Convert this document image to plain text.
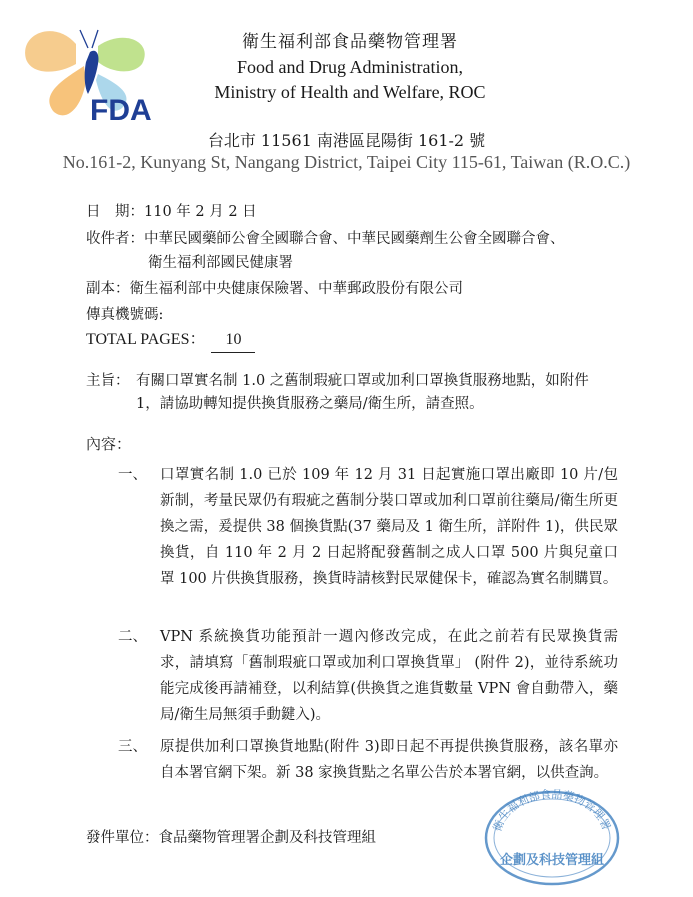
FDA
衛生福利部食品藥物管理署
Food and Drug Administration,
Ministry of Health and Welfare, ROC
台北市 11561 南港區昆陽街 161-2 號
No.161-2, Kunyang St, Nangang District, Taipei City 115-61, Taiwan (R.O.C.)
日　期：110 年 2 月 2 日
收件者：中華民國藥師公會全國聯合會、中華民國藥劑生公會全國聯合會、
衛生福利部國民健康署
副本：衛生福利部中央健康保險署、中華郵政股份有限公司
傳真機號碼:
TOTAL PAGES： 10
主旨： 有關口罩實名制 1.0 之舊制瑕疵口罩或加利口罩換貨服務地點，如附件 1，請協助轉知提供換貨服務之藥局/衛生所，請查照。
內容：
一、 口罩實名制 1.0 已於 109 年 12 月 31 日起實施口罩出廠即 10 片/包新制，考量民眾仍有瑕疵之舊制分裝口罩或加利口罩前往藥局/衛生所更換之需，爰提供 38 個換貨點(37 藥局及 1 衛生所，詳附件 1)，供民眾換貨，自 110 年 2 月 2 日起將配發舊制之成人口罩 500 片與兒童口罩 100 片供換貨服務，換貨時請核對民眾健保卡，確認為實名制購買。
二、 VPN 系統換貨功能預計一週內修改完成，在此之前若有民眾換貨需求，請填寫「舊制瑕疵口罩或加利口罩換貨單」 (附件 2)，並待系統功能完成後再請補登，以利結算(供換貨之進貨數量 VPN 會自動帶入，藥局/衛生局無須手動鍵入)。
三、 原提供加利口罩換貨地點(附件 3)即日起不再提供換貨服務，該名單亦自本署官網下架。新 38 家換貨點之名單公告於本署官網，以供查詢。
發件單位：食品藥物管理署企劃及科技管理組
衛生福利部食品藥物管理署
企劃及科技管理組
